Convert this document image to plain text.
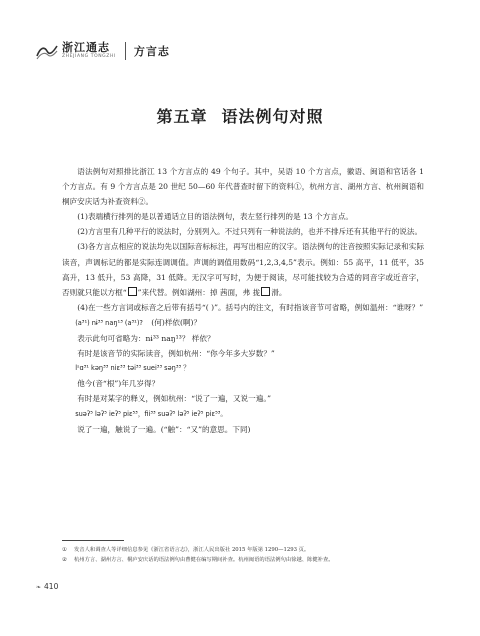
浙江通志
ZHEJIANG TONGZHI 方言志
第五章 语法例句对照

语法例句对照排比浙江 13 个方言点的 49 个句子。其中，吴语 10 个方言点，徽语、闽语和官话各 1 个方言点。有 9 个方言点是 20 世纪 50—60 年代普查时留下的资料①，杭州方言、湖州方言、杭州闽语和桐庐安庆话为补查资料②。

(1)表端横行排列的是以普通话立目的语法例句，表左竖行排列的是 13 个方言点。

(2)方言里有几种平行的说法时，分别列入。不过只列有一种说法的，也并不排斥还有其他平行的说法。

(3)各方言点相应的说法均先以国际音标标注，再写出相应的汉字。语法例句的注音按照实际记录和实际读音，声调标记的都是实际连调调值。声调的调值用数码“1,2,3,4,5”表示。例如：55 高平，11 低平，35 高升，13 低升，53 高降，31 低降。无汉字可写时，为便于阅读，尽可能找较为合适的同音字或近音字，否则就只能以方框“ ”来代替。例如湖州：掉 茜面，弗 拢 滑。

(4)在一些方言词或标音之后带有括号“( )”。括号内的注文，有时指该音节可省略，例如温州：“谁呀？”

(a³¹) nɨ³³ naŋ¹³ (a³¹)? (何)样依(啊)？

表示此句可省略为：nɨ³³ naŋ¹³？ 样依？

有时是该音节的实际读音，例如杭州：“你今年多大岁数？”

lˢɑ³¹ kəŋ³³ niɛ³³ təi³³ suei³³ səŋ³³ ？

他今(音“根”)年几岁得？

有时是对某字的释义，例如杭州：“说了一遍，又说一遍。”

suəʔ⁵ ləʔ⁵ ieʔ⁵ piɛ⁵³，fii³³ suəʔ⁵ ləʔ⁵ ieʔ⁵ piɛ⁵³。

说了一遍，触说了一遍。(“触”：“又”的意思。下同)

① 发音人和调查人等详细信息参见《浙江省语言志》，浙江人民出版社 2015 年版第 1290—1293 页。
② 杭州方言、湖州方言、桐庐安庆话的语法例句由曹健在编写期间补查。杭州闽语的语法例句由徐越、陈健补查。
❧ 410
